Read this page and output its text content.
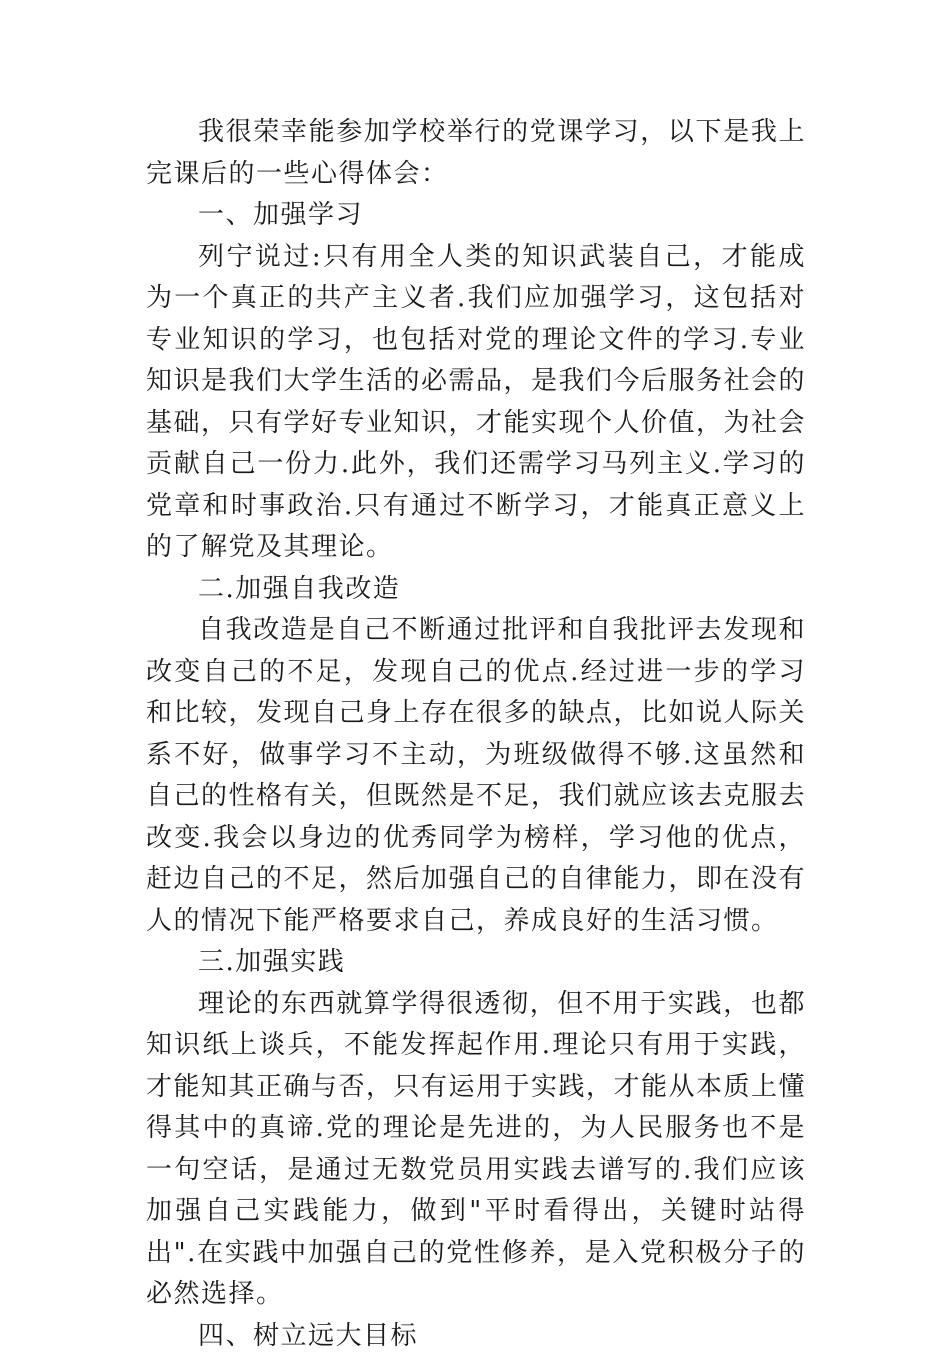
我很荣幸能参加学校举行的党课学习，以下是我上完课后的一些心得体会：

一、加强学习

列宁说过:只有用全人类的知识武装自己，才能成为一个真正的共产主义者.我们应加强学习，这包括对专业知识的学习，也包括对党的理论文件的学习.专业知识是我们大学生活的必需品，是我们今后服务社会的基础，只有学好专业知识，才能实现个人价值，为社会贡献自己一份力.此外，我们还需学习马列主义.学习的党章和时事政治.只有通过不断学习，才能真正意义上的了解党及其理论。

二.加强自我改造

自我改造是自己不断通过批评和自我批评去发现和改变自己的不足，发现自己的优点.经过进一步的学习和比较，发现自己身上存在很多的缺点，比如说人际关系不好，做事学习不主动，为班级做得不够.这虽然和自己的性格有关，但既然是不足，我们就应该去克服去改变.我会以身边的优秀同学为榜样，学习他的优点，赶边自己的不足，然后加强自己的自律能力，即在没有人的情况下能严格要求自己，养成良好的生活习惯。

三.加强实践

理论的东西就算学得很透彻，但不用于实践，也都知识纸上谈兵，不能发挥起作用.理论只有用于实践，才能知其正确与否，只有运用于实践，才能从本质上懂得其中的真谛.党的理论是先进的，为人民服务也不是一句空话，是通过无数党员用实践去谱写的.我们应该加强自己实践能力，做到"平时看得出，关键时站得出".在实践中加强自己的党性修养，是入党积极分子的必然选择。

四、树立远大目标
